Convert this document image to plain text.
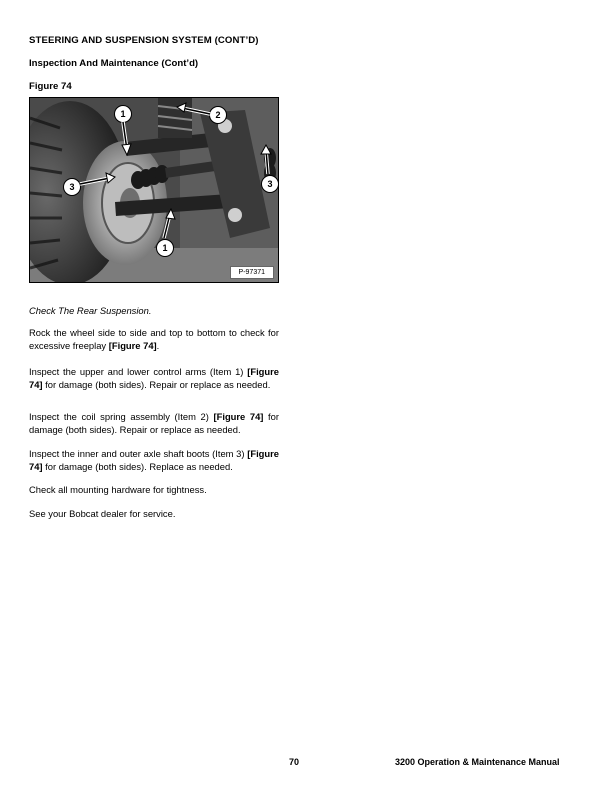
STEERING AND SUSPENSION SYSTEM (CONT’D)
Inspection And Maintenance (Cont’d)
Figure 74
1	2
3	3
1
P-97371
Check The Rear Suspension.
Rock the wheel side to side and top to bottom to check for excessive freeplay [Figure 74].
Inspect the upper and lower control arms (Item 1) [Figure 74] for damage (both sides). Repair or replace as needed.
Inspect the coil spring assembly (Item 2) [Figure 74] for damage (both sides). Repair or replace as needed.
Inspect the inner and outer axle shaft boots (Item 3) [Figure 74] for damage (both sides). Replace as needed.
Check all mounting hardware for tightness.
See your Bobcat dealer for service.
70	3200 Operation & Maintenance Manual
